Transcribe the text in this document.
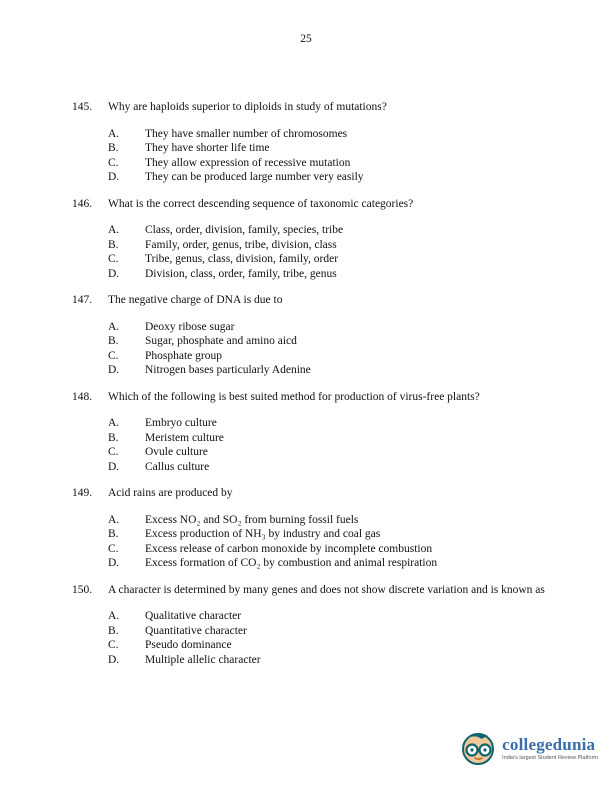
25
145.	Why are haploids superior to diploids in study of mutations?
A.	They have smaller number of chromosomes
B.	They have shorter life time
C.	They allow expression of recessive mutation
D.	They can be produced large number very easily
146.	What is the correct descending sequence of taxonomic categories?
A.	Class, order, division, family, species, tribe
B.	Family, order, genus, tribe, division, class
C.	Tribe, genus, class, division, family, order
D.	Division, class, order, family, tribe, genus
147.	The negative charge of DNA is due to
A.	Deoxy ribose sugar
B.	Sugar, phosphate and amino aicd
C.	Phosphate group
D.	Nitrogen bases particularly Adenine
148.	Which of the following is best suited method for production of virus-free plants?
A.	Embryo culture
B.	Meristem culture
C.	Ovule culture
D.	Callus culture
149.	Acid rains are produced by
A.	Excess NO₂ and SO₂ from burning fossil fuels
B.	Excess production of NH₃ by industry and coal gas
C.	Excess release of carbon monoxide by incomplete combustion
D.	Excess formation of CO₂ by combustion and animal respiration
150.	A character is determined by many genes and does not show discrete variation and is known as
A.	Qualitative character
B.	Quantitative character
C.	Pseudo dominance
D.	Multiple allelic character
collegedunia
India's largest Student Review Platform
